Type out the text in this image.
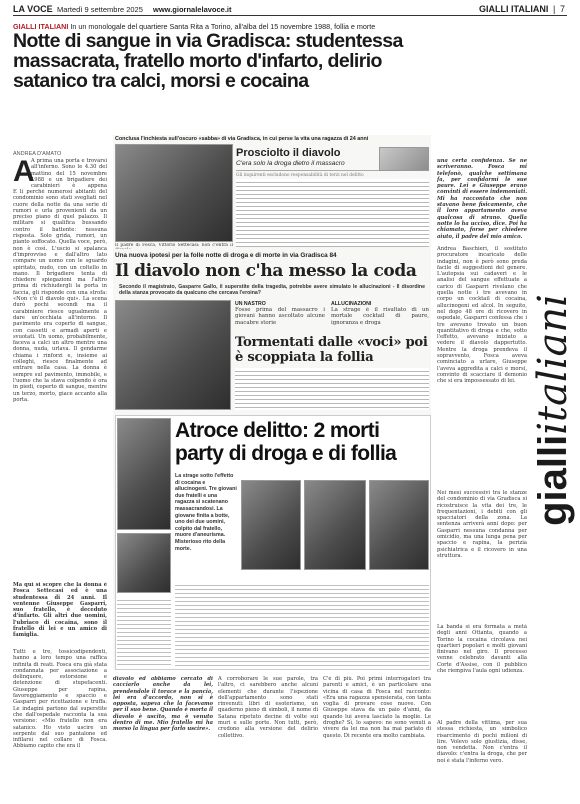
LA VOCE Martedì 9 settembre 2025 www.giornalelavoce.it	GIALLI ITALIANI | 7
GIALLI ITALIANI In un monologale del quartiere Santa Rita a Torino, all'alba del 15 novembre 1988, follia e morte
Notte di sangue in via Gradisca: studentessa massacrata, fratello morto d'infarto, delirio satanico tra calci, morsi e cocaina
ANDREA D'AMATO
A
A prima una porta e trovarsi all'inferno. Sono le 4.30 del mattino del 15 novembre 1988 e un brigadiere dei carabinieri è appena
È lì perché numerosi abitanti del condominio sono stati svegliati nel cuore della notte da una serie di rumori e urla provenienti da un preciso piano di quel palazzo. Il militare si qualifica bussando contro il battente: nessuna risposta. Solo grida, rumori, un pianto soffocato. Quella voce, però, non è così. L'uscio si spalanca d'improvviso e dall'altro lato compare un uomo con le sguardo spiritato, nudo, con un coltello in mano. Il brigadiere tenta di chiedere spiegazioni ma l'altro prima di richiudergli la porta in faccia, gli risponde con una strofa: «Non c'è il diavolo qui». La scena durò pochi secondi ma il carabiniere riesce ugualmente a dare un'occhiata all'interno. Il pavimento era coperto di sangue, con cassetti e armadi aperti e svuotati. Un uomo, probabilmente, faceva a calci un altro mentre una donna, nuda, urlava. Il gendarme chiama i rinforzi e, insieme ai colleghi, riesce finalmente ad entrare nella casa. La donna è sempre sul pavimento, immobile, e l'uomo che la stava colpendo è ora in piedi, coperto di sangue, mentre un terzo, morto, giace accanto alla porta.
Ma qui si scopre che la donna è Fosca Settecasi ed è una studentessa di 24 anni. Il ventenne Giuseppe Gasparri, suo fratello, è deceduto d'infarto. Gli altri due uomini, l'ubriaco di cocaina, sono il fratello di lei e un amico di famiglia.
Tutti e tre, tossicodipendenti, hanno a loro tempo una raffica infinita di reati. Fosca era già stata condannata per associazione a delinquere, estorsione e detenzione di stupefacenti. Giuseppe per rapina, favoreggiamento e spaccio e Gasparri per ricettazione e truffa. Le indagini partono dal superstite che dall'ospedale racconta la sua versione: «Mio fratello non era satanico. Ho visto uscire un serpente dal suo pantalone ed infilarsi nel collare di Fosca. Abbiamo capito che era il
Conclusa l'inchiesta sull'oscuro «sabba» di via Gradisca, in cui perse la vita una ragazza di 24 anni
Il padre di Fosca, Vittorio Settecasi: non c'entra il
Prosciolto il diavolo
C'era solo la droga dietro il massacro
Gli inquirenti escludono responsabilità di terzi nel delitto
Una nuova ipotesi per la folle notte di droga e di morte in via Gradisca 84
Il diavolo non c'ha messo la coda
Secondo il magistrato, Gasparre Gallo, il superstite della tragedia, potrebbe avere simulato le allucinazioni - Il disordine della stanza provocato da qualcuno che cercava l'eroina?
UN NASTRO
Fosse prima del massacro i giovani hanno ascoltato alcune macabre storie
ALLUCINAZIONI
La strage è il risultato di un mortale cocktail di paure, ignoranza e droga
Tormentati dalle «voci» poi è scoppiata la follia
Atroce delitto: 2 morti party di droga e di follia
La strage sotto l'effetto di cocaina e allucinogeni. Tre giovani due fratelli e una ragazza si scatenano massacrandosi. La giovane finita a botte, uno dei due uomini, colpito dal fratello, muore d'aneurisma. Misterioso rito della morte.
diavolo ed abbiamo cercato di cacciarlo anche da lei, prendendole il torace e la pancia, lei era d'accordo, non si è opposta, sapeva che la facevamo per il suo bene. Quando è morta il diavolo è uscito, ma è venuto dentro di me. Mio fratello mi ha morso la lingua per farlo uscire».
A corroborare le sue parole, tra l'altro, ci sarebbero anche alcuni elementi che durante l'ispezione dell'appartamento sono stati rinvenuti: libri di esoterismo, un quaderno pieno di simboli, il nome di Satana ripetuto decine di volte sui muri e sulle porte. Non tutti, però, credono alla versione del delirio collettivo.
C'è di più. Poi primi interrogatori tra parenti e amici, è un particolare una vicina di casa di Fosca nel racconto: «Era una ragazza spensierata, con tanta voglia di provare cose nuove. Con Giuseppe stava da un paio d'anni, da quando lui aveva lasciato la moglie. Le droghe? Sì, lo sapevo: ne sono venuti a vivere da lei ma non ha mai parlato di questo. Di recente era molto cambiata.
una certa confidenza. Se ne scriveranno. Fosca mi telefonò, qualche settimana fa, per confidarmi le sue paure. Lei e Giuseppe erano convinti di essere indemoniati. Mi ha raccontato che non stavano bene fisicamente, che il loro appartamento aveva qualcosa di strano. Quella notte lo ha ucciso, dice. Poi ha chiamato, forse per chiedere aiuto, il padre del mio amico.
Andrea Baschieri, il sostituto procuratore incaricato delle indagini, non è però sono preda facile di suggestioni del genere. L'autopsia sui cadaveri e le analisi del sangue effettuate a carico di Gasparri rivelano che quella notte i tre avevano in corpo un cocktail di cocaina, allucinogeni ed alcol. In seguito, nel dopo 48 ore di ricovero in ospedale, Gasparri confessa che i tre avevano trovato un buon quantitativo di droga e che, sotto l'effetto, avevano iniziato a vedere il diavolo dappertutto. Mentre la droga prendeva il sopravvento, Fosca aveva cominciato a urlare, Giuseppe l'aveva aggredita a calci e morsi, convinto di scacciare il demonio che si era impossessato di lei.
Nei mesi successivi tra le stanze del condominio di via Gradisca si ricostruisce la vita dei tre, le frequentazioni, i debiti con gli spacciatori della zona. La sentenza arriverà anni dopo: per Gasparri nessuna condanna per omicidio, ma una lunga pena per spaccio e rapina, la perizia psichiatrica e il ricovero in una struttura.
La banda si era formata a metà degli anni Ottanta, quando a Torino la cocaina circolava nei quartieri popolari e molti giovani finivano nel giro. Il processo venne celebrato davanti alla Corte d'Assise, con il pubblico che riempiva l'aula ogni udienza.
Al padre della vittima, per sua stessa richiesta, un simbolico risarcimento di pochi milioni di lire. Volevo solo giustizia, disse, non vendetta. Non c'entra il diavolo: c'entra la droga, che per noi è stata l'inferno vero.
gialliitaliani
